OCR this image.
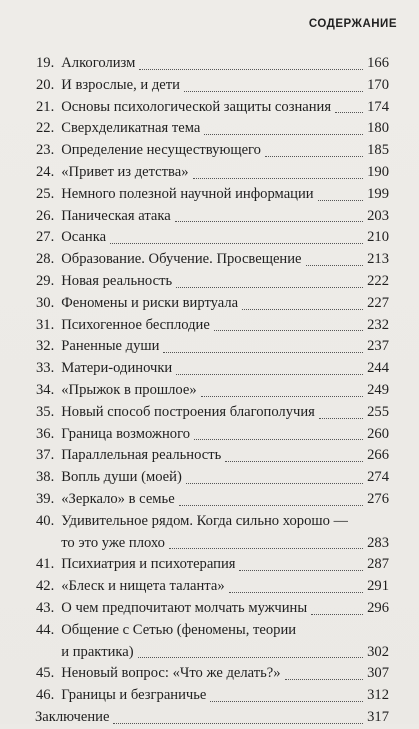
СОДЕРЖАНИЕ
19. Алкоголизм	166
20. И взрослые, и дети	170
21. Основы психологической защиты сознания 174
22. Сверхделикатная тема	180
23. Определение несуществующего	185
24. «Привет из детства»	190
25. Немного полезной научной информации	199
26. Паническая атака	203
27. Осанка	210
28. Образование. Обучение. Просвещение	213
29. Новая реальность	222
30. Феномены и риски виртуала	227
31. Психогенное бесплодие	232
32. Раненные души	237
33. Матери-одиночки	244
34. «Прыжок в прошлое»	249
35. Новый способ построения благополучия	255
36. Граница возможного	260
37. Параллельная реальность	266
38. Вопль души (моей)	274
39. «Зеркало» в семье	276
40. Удивительное рядом. Когда сильно хорошо —
то это уже плохо	283
41. Психиатрия и психотерапия	287
42. «Блеск и нищета таланта»	291
43. О чем предпочитают молчать мужчины	296
44. Общение с Сетью (феномены, теории
и практика)	302
45. Неновый вопрос: «Что же делать?»	307
46. Границы и безграничье	312
Заключение	317
